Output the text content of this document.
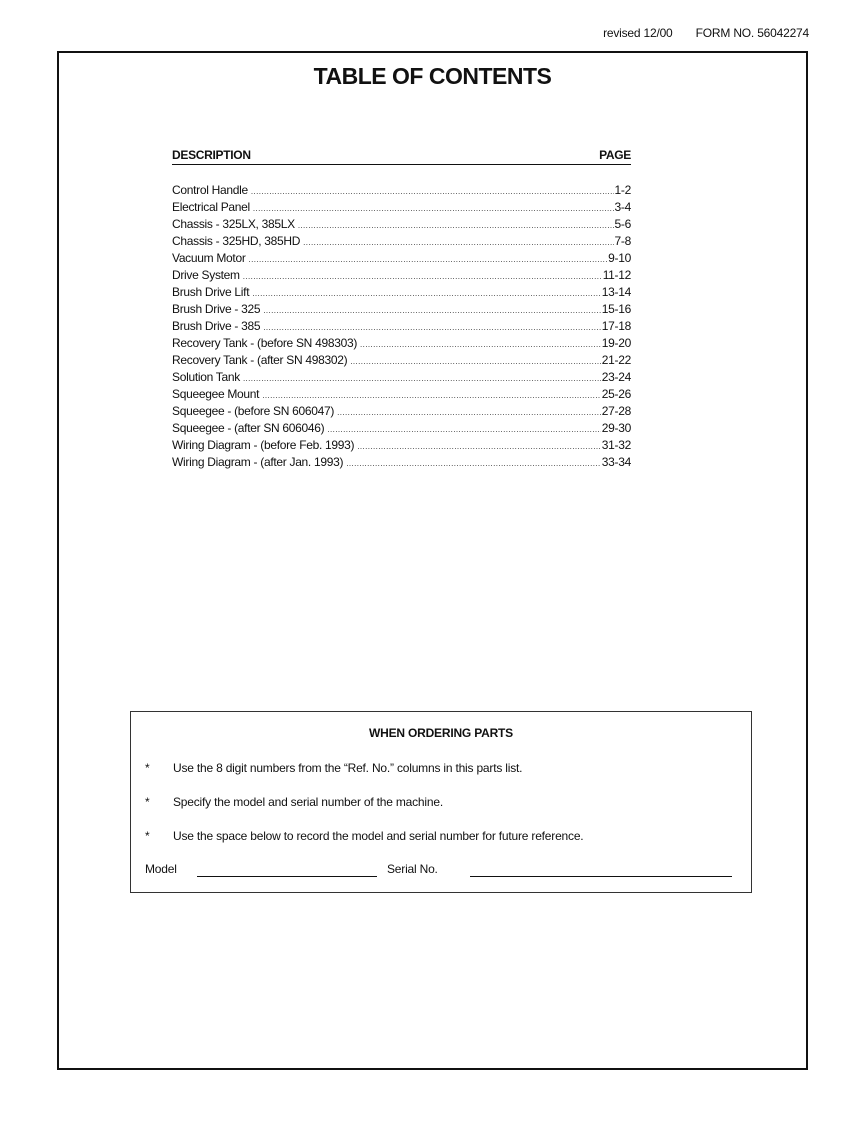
revised 12/00 FORM NO. 56042274
TABLE OF CONTENTS
DESCRIPTION	PAGE
Control Handle .....	1-2
Electrical Panel .....	3-4
Chassis - 325LX, 385LX .....	5-6
Chassis - 325HD, 385HD .....	7-8
Vacuum Motor .....	9-10
Drive System .....	11-12
Brush Drive Lift .....	13-14
Brush Drive - 325 .....	15-16
Brush Drive - 385 .....	17-18
Recovery Tank - (before SN 498303) .....	19-20
Recovery Tank - (after SN 498302) .....	21-22
Solution Tank .....	23-24
Squeegee Mount .....	25-26
Squeegee - (before SN 606047) .....	27-28
Squeegee - (after SN 606046) .....	29-30
Wiring Diagram - (before Feb. 1993) .....	31-32
Wiring Diagram - (after Jan. 1993) .....	33-34
WHEN ORDERING PARTS
*	Use the 8 digit numbers from the “Ref. No.” columns in this parts list.
*	Specify the model and serial number of the machine.
*	Use the space below to record the model and serial number for future reference.
Model	Serial No.
